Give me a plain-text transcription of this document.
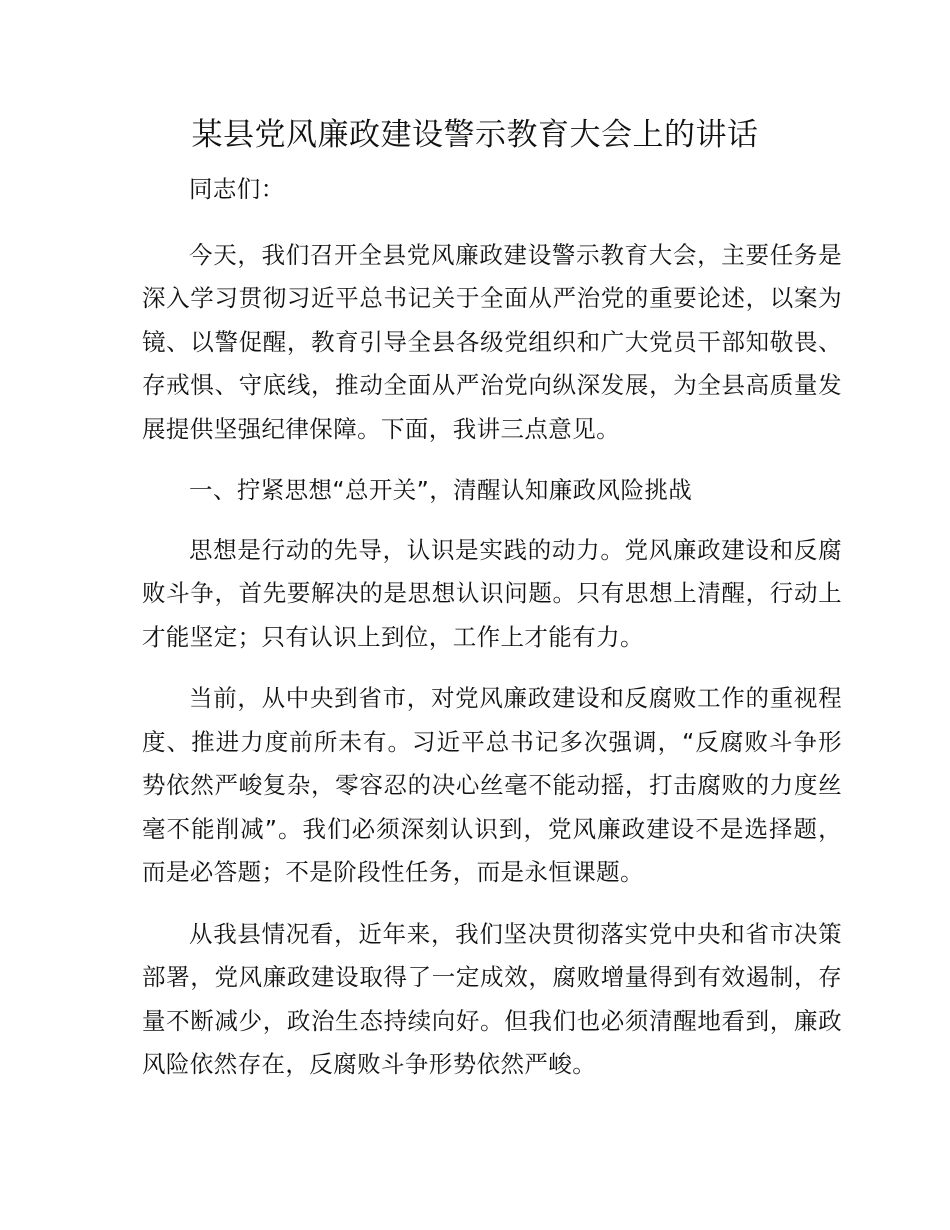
某县党风廉政建设警示教育大会上的讲话

同志们：

今天，我们召开全县党风廉政建设警示教育大会，主要任务是深入学习贯彻习近平总书记关于全面从严治党的重要论述，以案为镜、以警促醒，教育引导全县各级党组织和广大党员干部知敬畏、存戒惧、守底线，推动全面从严治党向纵深发展，为全县高质量发展提供坚强纪律保障。下面，我讲三点意见。

一、拧紧思想“总开关”，清醒认知廉政风险挑战

思想是行动的先导，认识是实践的动力。党风廉政建设和反腐败斗争，首先要解决的是思想认识问题。只有思想上清醒，行动上才能坚定；只有认识上到位，工作上才能有力。

当前，从中央到省市，对党风廉政建设和反腐败工作的重视程度、推进力度前所未有。习近平总书记多次强调，“反腐败斗争形势依然严峻复杂，零容忍的决心丝毫不能动摇，打击腐败的力度丝毫不能削减”。我们必须深刻认识到，党风廉政建设不是选择题，而是必答题；不是阶段性任务，而是永恒课题。

从我县情况看，近年来，我们坚决贯彻落实党中央和省市决策部署，党风廉政建设取得了一定成效，腐败增量得到有效遏制，存量不断减少，政治生态持续向好。但我们也必须清醒地看到，廉政风险依然存在，反腐败斗争形势依然严峻。
